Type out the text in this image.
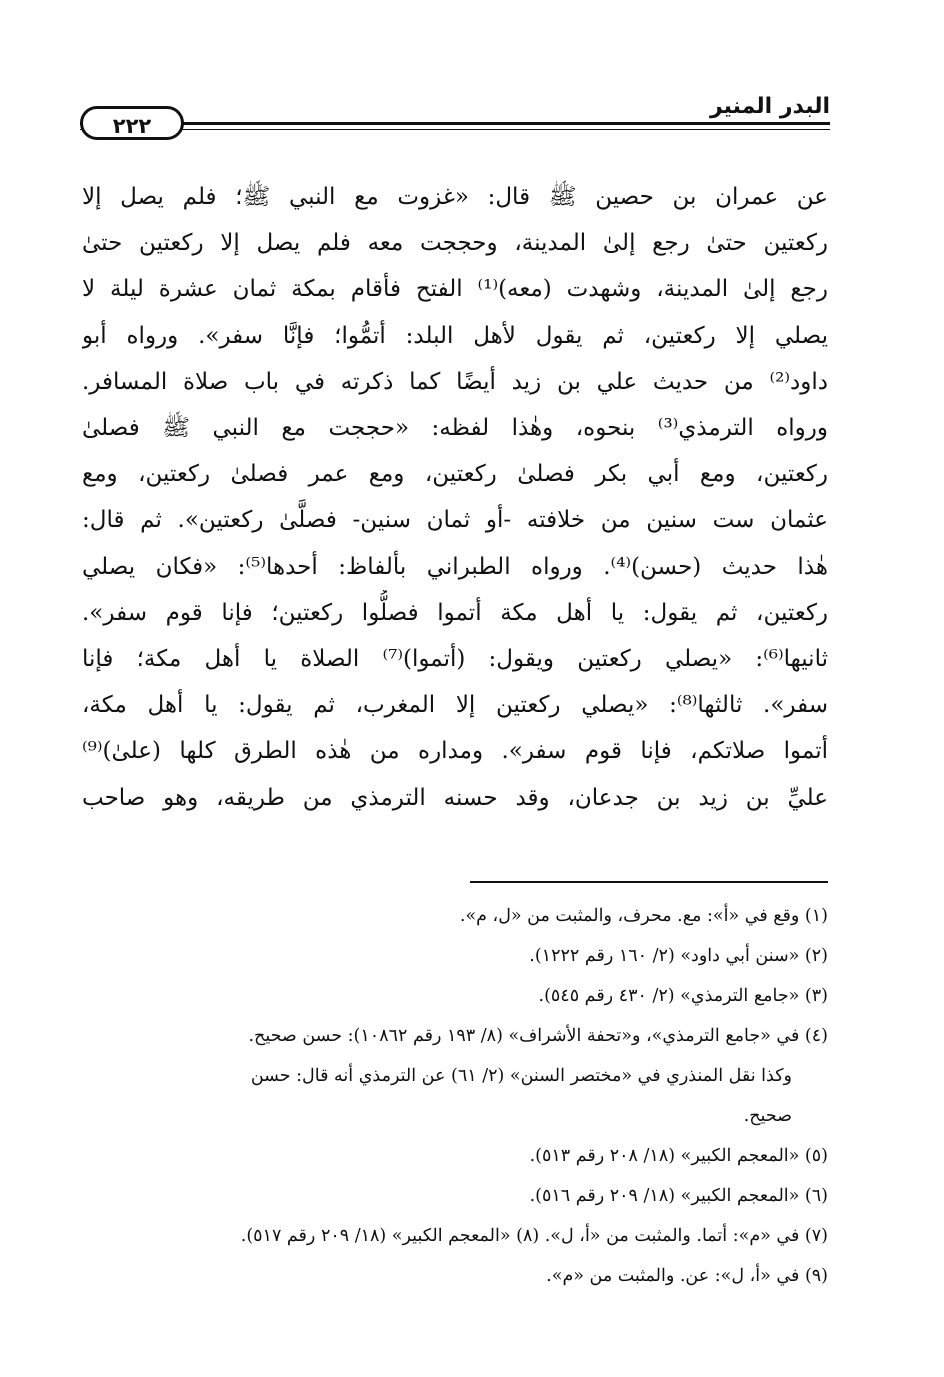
البدر المنير
٢٢٢
عن عمران بن حصين ﷺ قال: «غزوت مع النبي ﷺ؛ فلم يصل إلا
ركعتين حتىٰ رجع إلىٰ المدينة، وحججت معه فلم يصل إلا ركعتين حتىٰ
رجع إلىٰ المدينة، وشهدت (معه)⁽¹⁾ الفتح فأقام بمكة ثمان عشرة ليلة لا
يصلي إلا ركعتين، ثم يقول لأهل البلد: أتمُّوا؛ فإنَّا سفر». ورواه أبو
داود⁽²⁾ من حديث علي بن زيد أيضًا كما ذكرته في باب صلاة المسافر.
ورواه الترمذي⁽³⁾ بنحوه، وهٰذا لفظه: «حججت مع النبي ﷺ فصلىٰ
ركعتين، ومع أبي بكر فصلىٰ ركعتين، ومع عمر فصلىٰ ركعتين، ومع
عثمان ست سنين من خلافته -أو ثمان سنين- فصلَّىٰ ركعتين». ثم قال:
هٰذا حديث (حسن)⁽⁴⁾. ورواه الطبراني بألفاظ: أحدها⁽⁵⁾: «فكان يصلي
ركعتين، ثم يقول: يا أهل مكة أتموا فصلُّوا ركعتين؛ فإنا قوم سفر».
ثانيها⁽⁶⁾: «يصلي ركعتين ويقول: (أتموا)⁽⁷⁾ الصلاة يا أهل مكة؛ فإنا
سفر». ثالثها⁽⁸⁾: «يصلي ركعتين إلا المغرب، ثم يقول: يا أهل مكة،
أتموا صلاتكم، فإنا قوم سفر». ومداره من هٰذه الطرق كلها (علىٰ)⁽⁹⁾
عليِّ بن زيد بن جدعان، وقد حسنه الترمذي من طريقه، وهو صاحب
(١) وقع في «أ»: مع. محرف، والمثبت من «ل، م».
(٢) «سنن أبي داود» (٢/ ١٦٠ رقم ١٢٢٢).
(٣) «جامع الترمذي» (٢/ ٤٣٠ رقم ٥٤٥).
(٤) في «جامع الترمذي»، و«تحفة الأشراف» (٨/ ١٩٣ رقم ١٠٨٦٢): حسن صحيح.
وكذا نقل المنذري في «مختصر السنن» (٢/ ٦١) عن الترمذي أنه قال: حسن
صحيح.
(٥) «المعجم الكبير» (١٨/ ٢٠٨ رقم ٥١٣).
(٦) «المعجم الكبير» (١٨/ ٢٠٩ رقم ٥١٦).
(٧) في «م»: أتما. والمثبت من «أ، ل». (٨) «المعجم الكبير» (١٨/ ٢٠٩ رقم ٥١٧).
(٩) في «أ، ل»: عن. والمثبت من «م».
